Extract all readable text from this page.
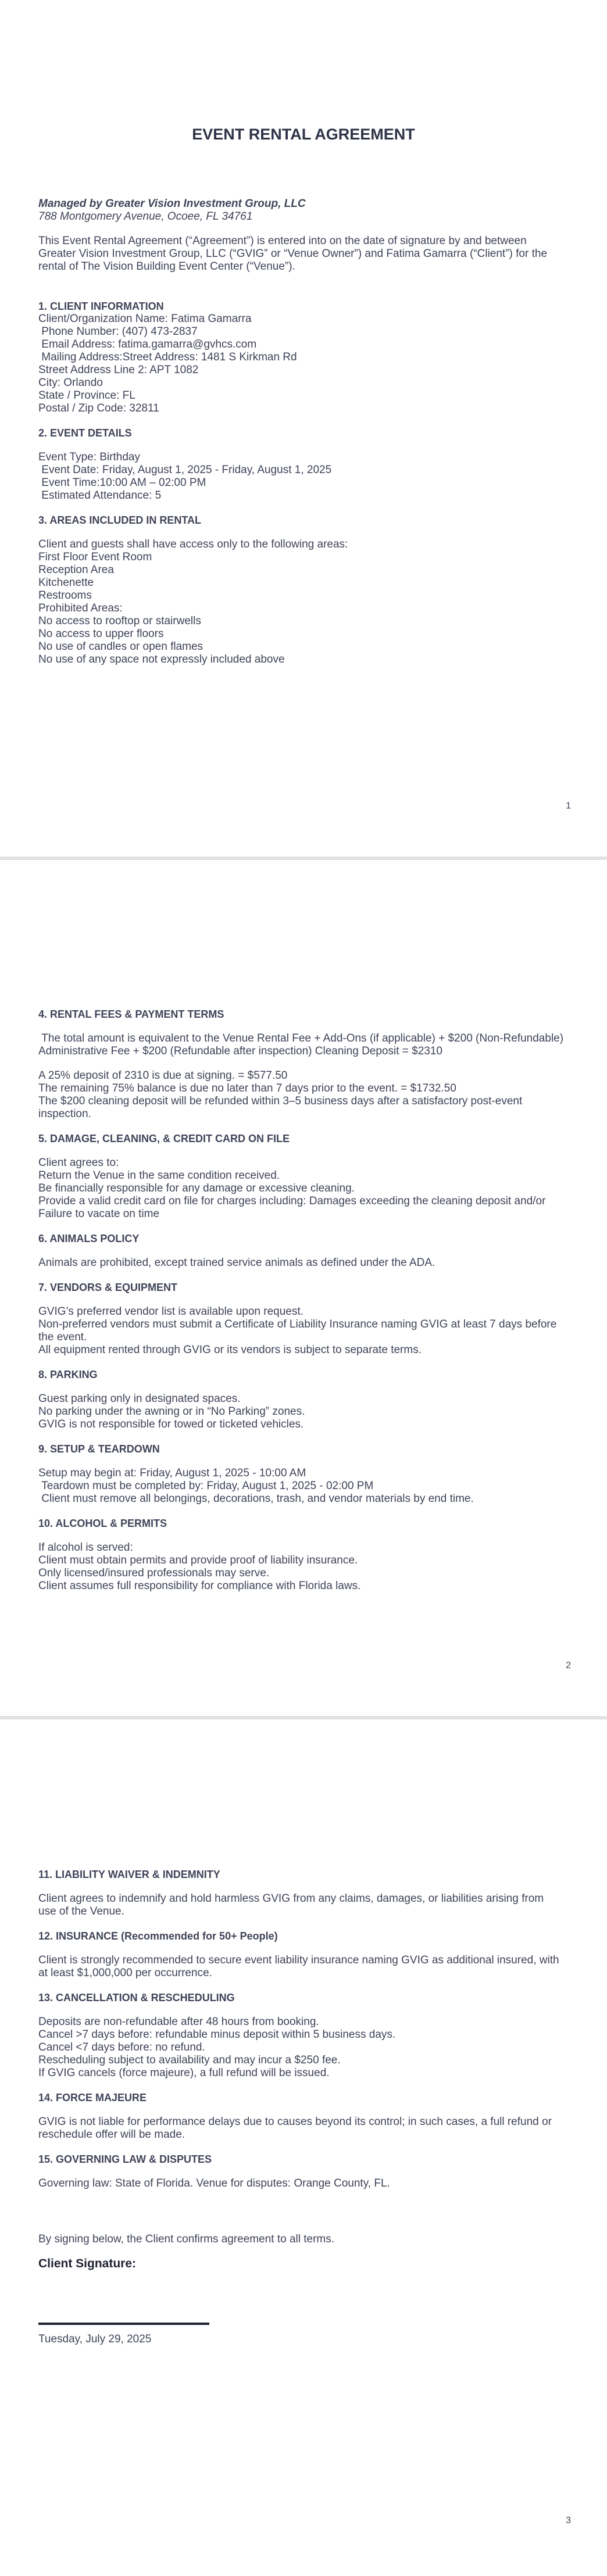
EVENT RENTAL AGREEMENT
Managed by Greater Vision Investment Group, LLC
788 Montgomery Avenue, Ocoee, FL 34761
This Event Rental Agreement (“Agreement”) is entered into on the date of signature by and between
Greater Vision Investment Group, LLC (“GVIG” or “Venue Owner”) and Fatima Gamarra (“Client”) for the
rental of The Vision Building Event Center (“Venue”).
1. CLIENT INFORMATION
Client/Organization Name: Fatima Gamarra
Phone Number: (407) 473-2837
Email Address: fatima.gamarra@gvhcs.com
Mailing Address:Street Address: 1481 S Kirkman Rd
Street Address Line 2: APT 1082
City: Orlando
State / Province: FL
Postal / Zip Code: 32811
2. EVENT DETAILS
Event Type: Birthday
Event Date: Friday, August 1, 2025 - Friday, August 1, 2025
Event Time:10:00 AM – 02:00 PM
Estimated Attendance: 5
3. AREAS INCLUDED IN RENTAL
Client and guests shall have access only to the following areas:
First Floor Event Room
Reception Area
Kitchenette
Restrooms
Prohibited Areas:
No access to rooftop or stairwells
No access to upper floors
No use of candles or open flames
No use of any space not expressly included above
1
4. RENTAL FEES & PAYMENT TERMS
The total amount is equivalent to the Venue Rental Fee + Add-Ons (if applicable) + $200 (Non-Refundable)
Administrative Fee + $200 (Refundable after inspection) Cleaning Deposit = $2310
A 25% deposit of 2310 is due at signing. = $577.50
The remaining 75% balance is due no later than 7 days prior to the event. = $1732.50
The $200 cleaning deposit will be refunded within 3–5 business days after a satisfactory post-event
inspection.
5. DAMAGE, CLEANING, & CREDIT CARD ON FILE
Client agrees to:
Return the Venue in the same condition received.
Be financially responsible for any damage or excessive cleaning.
Provide a valid credit card on file for charges including: Damages exceeding the cleaning deposit and/or
Failure to vacate on time
6. ANIMALS POLICY
Animals are prohibited, except trained service animals as defined under the ADA.
7. VENDORS & EQUIPMENT
GVIG’s preferred vendor list is available upon request.
Non-preferred vendors must submit a Certificate of Liability Insurance naming GVIG at least 7 days before
the event.
All equipment rented through GVIG or its vendors is subject to separate terms.
8. PARKING
Guest parking only in designated spaces.
No parking under the awning or in “No Parking” zones.
GVIG is not responsible for towed or ticketed vehicles.
9. SETUP & TEARDOWN
Setup may begin at: Friday, August 1, 2025 - 10:00 AM
Teardown must be completed by: Friday, August 1, 2025 - 02:00 PM
Client must remove all belongings, decorations, trash, and vendor materials by end time.
10. ALCOHOL & PERMITS
If alcohol is served:
Client must obtain permits and provide proof of liability insurance.
Only licensed/insured professionals may serve.
Client assumes full responsibility for compliance with Florida laws.
2
11. LIABILITY WAIVER & INDEMNITY
Client agrees to indemnify and hold harmless GVIG from any claims, damages, or liabilities arising from
use of the Venue.
12. INSURANCE (Recommended for 50+ People)
Client is strongly recommended to secure event liability insurance naming GVIG as additional insured, with
at least $1,000,000 per occurrence.
13. CANCELLATION & RESCHEDULING
Deposits are non-refundable after 48 hours from booking.
Cancel >7 days before: refundable minus deposit within 5 business days.
Cancel <7 days before: no refund.
Rescheduling subject to availability and may incur a $250 fee.
If GVIG cancels (force majeure), a full refund will be issued.
14. FORCE MAJEURE
GVIG is not liable for performance delays due to causes beyond its control; in such cases, a full refund or
reschedule offer will be made.
15. GOVERNING LAW & DISPUTES
Governing law: State of Florida. Venue for disputes: Orange County, FL.
By signing below, the Client confirms agreement to all terms.
Client Signature:
Tuesday, July 29, 2025
3
